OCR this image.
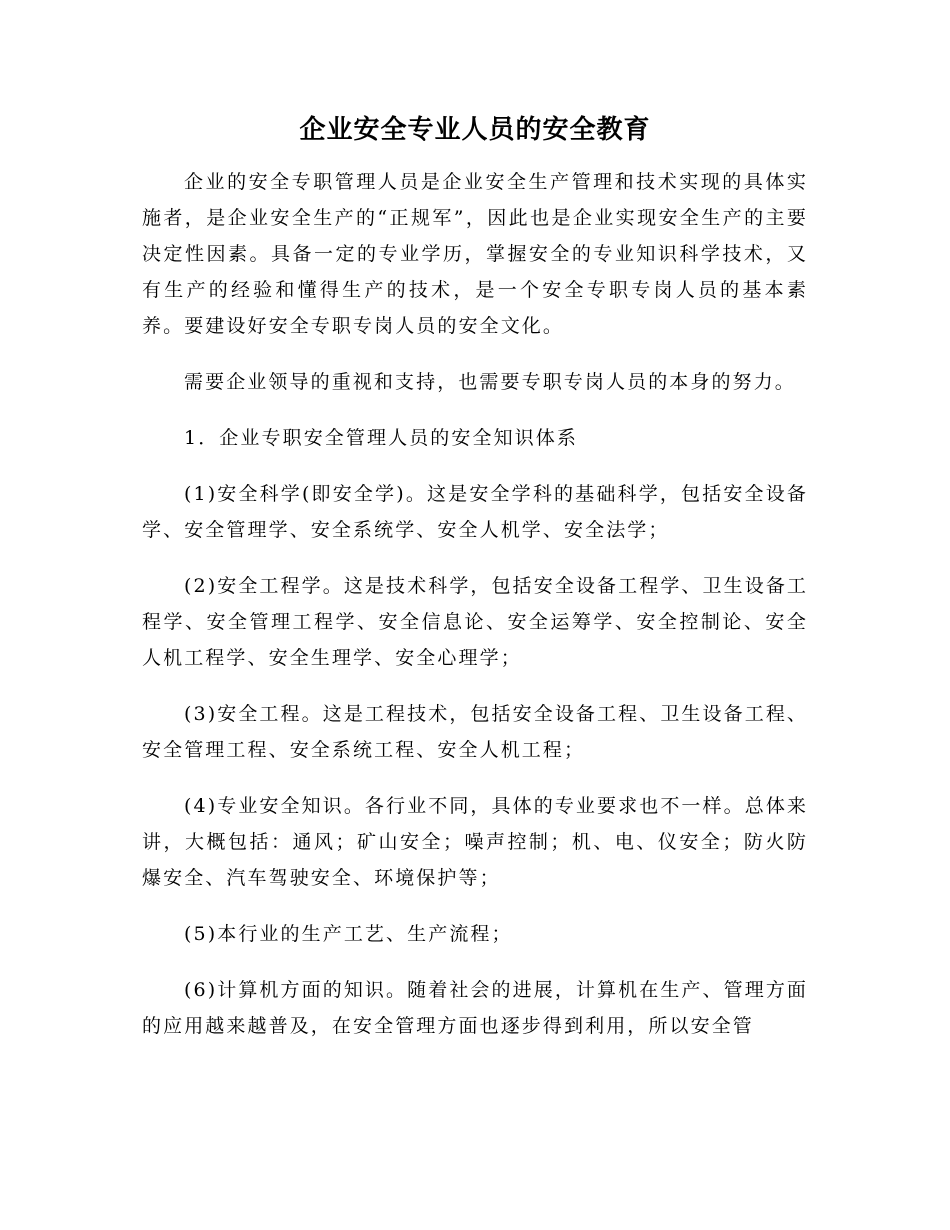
企业安全专业人员的安全教育

企业的安全专职管理人员是企业安全生产管理和技术实现的具体实施者，是企业安全生产的“正规军”，因此也是企业实现安全生产的主要决定性因素。具备一定的专业学历，掌握安全的专业知识科学技术，又有生产的经验和懂得生产的技术，是一个安全专职专岗人员的基本素养。要建设好安全专职专岗人员的安全文化。

需要企业领导的重视和支持，也需要专职专岗人员的本身的努力。

1．企业专职安全管理人员的安全知识体系

(1)安全科学(即安全学)。这是安全学科的基础科学，包括安全设备学、安全管理学、安全系统学、安全人机学、安全法学；

(2)安全工程学。这是技术科学，包括安全设备工程学、卫生设备工程学、安全管理工程学、安全信息论、安全运筹学、安全控制论、安全人机工程学、安全生理学、安全心理学；

(3)安全工程。这是工程技术，包括安全设备工程、卫生设备工程、安全管理工程、安全系统工程、安全人机工程；

(4)专业安全知识。各行业不同，具体的专业要求也不一样。总体来讲，大概包括：通风；矿山安全；噪声控制；机、电、仪安全；防火防爆安全、汽车驾驶安全、环境保护等；

(5)本行业的生产工艺、生产流程；

(6)计算机方面的知识。随着社会的进展，计算机在生产、管理方面的应用越来越普及，在安全管理方面也逐步得到利用，所以安全管
